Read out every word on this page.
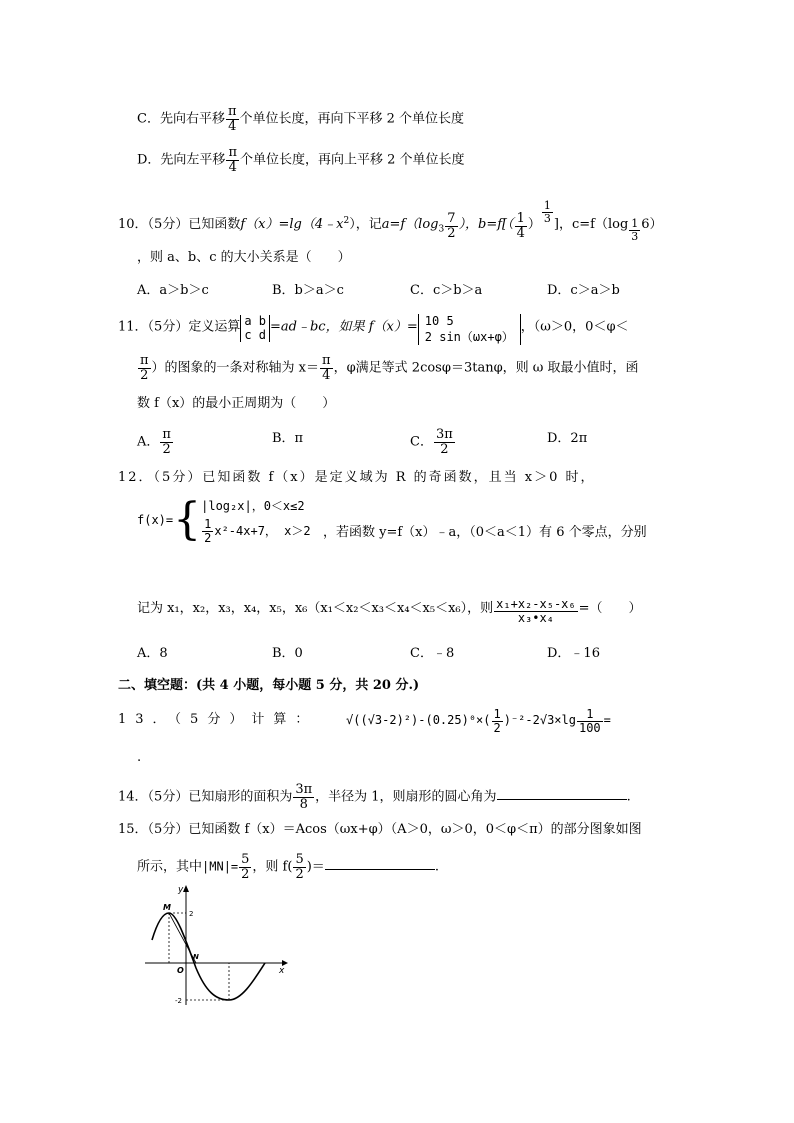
C．先向右平移 $\frac{\pi}{4}$ 个单位长度，再向下平移 2 个单位长度
D．先向左平移 $\frac{\pi}{4}$ 个单位长度，再向上平移 2 个单位长度
10．（5分）已知函数$f(x)=\lg(4﹣x^2)$，记$a=f(\log_3 \frac{7}{2}$ ），$b=f[( \frac{1}{4}$ ） $\frac{1}{3}$ ]，$c=f(\log \frac{1}{3} 6)$
，则 a、b、c 的大小关系是（　　）
A．a＞b＞c	B．b＞a＞c	C．c＞b＞a	D．c＞a＞b
11．（5分）定义运算 a b
c d =ad﹣bc，如果 f（x）= 10 5
2 sin（ωx+φ）
，（ω＞0，0＜φ＜
$\frac{\pi}{2}$ ）的图象的一条对称轴为 $x= \frac{\pi}{4}$ ，φ满足等式 2cosφ＝3tanφ，则 ω 取最小值时，函
数 f（x）的最小正周期为（　　）
A． $\frac{\pi}{2}$	B．π	C． $\frac{3\pi}{2}$	D．2π
12．（5分）已知函数 f（x）是定义域为 R 的奇函数，且当 x＞0 时，
f(x)={ |log₂x|，0＜x≤2
$\frac{1}{2} x^2-4x+7$， x＞2 ，若函数 y=f（x）﹣a，（0＜a＜1）有 6 个零点，分别
记为 x₁，x₂，x₃，x₄，x₅，x₆（x₁＜x₂＜x₃＜x₄＜x₅＜x₆），则 $\frac{\text{x₁+x₂-x₅-x₆}}{\text{x₃•x₄}}$ =（　　）
A．8	B．0	C．﹣8	D．﹣16
二、填空题：(共 4 小题，每小题 5 分，共 20 分.)
13．（5分）计算： $√((√3-2)^2)-(0.25)^0\times( \frac{1}{2} )^{-2}-2√3\times\lg \frac{1}{100}$ =
.
14．（5分）已知扇形的面积为 $\frac{3\pi}{8}$ ，半径为 1，则扇形的圆心角为	.
15．（5分）已知函数 f（x）＝Acos（ωx+φ）（A＞0，ω＞0，0＜φ＜π）的部分图象如图
所示，其中$|MN|= \frac{5}{2}$ ，则 $f( \frac{5}{2}$ )＝	.
y
x
O
M
N
2
-2
